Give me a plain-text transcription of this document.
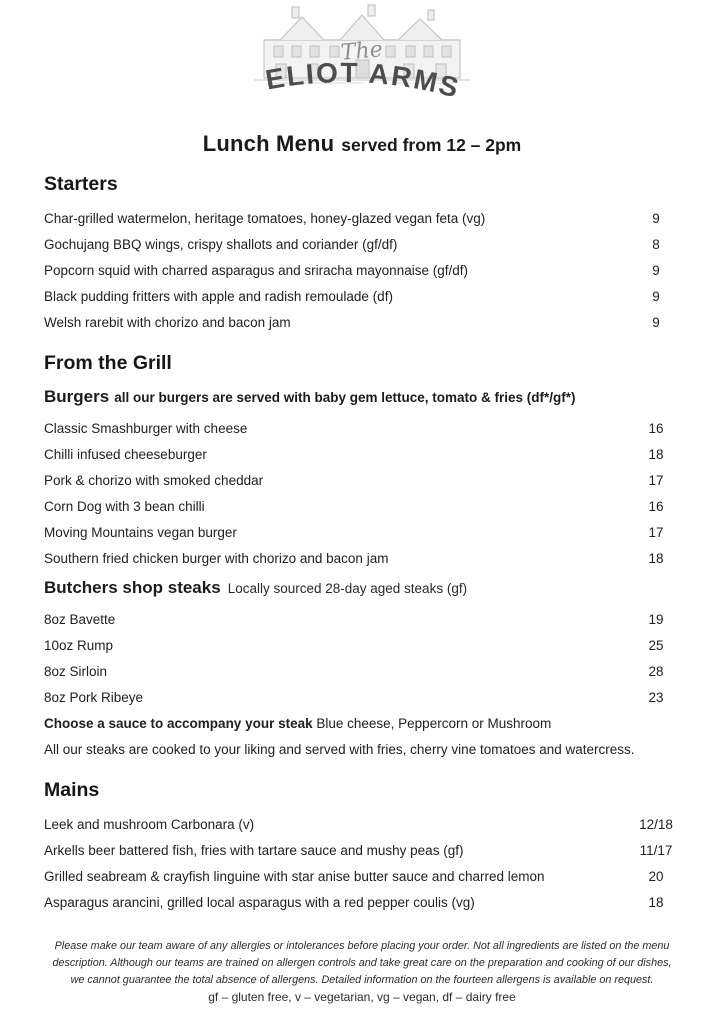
The
ELIOT ARMS
Lunch Menu served from 12 – 2pm
Starters
Char-grilled watermelon, heritage tomatoes, honey-glazed vegan feta (vg)	9
Gochujang BBQ wings, crispy shallots and coriander (gf/df)	8
Popcorn squid with charred asparagus and sriracha mayonnaise (gf/df)	9
Black pudding fritters with apple and radish remoulade (df)	9
Welsh rarebit with chorizo and bacon jam	9
From the Grill
Burgers all our burgers are served with baby gem lettuce, tomato & fries (df*/gf*)
Classic Smashburger with cheese	16
Chilli infused cheeseburger	18
Pork & chorizo with smoked cheddar	17
Corn Dog with 3 bean chilli	16
Moving Mountains vegan burger	17
Southern fried chicken burger with chorizo and bacon jam	18
Butchers shop steaks Locally sourced 28-day aged steaks (gf)
8oz Bavette	19
10oz Rump	25
8oz Sirloin	28
8oz Pork Ribeye	23
Choose a sauce to accompany your steak Blue cheese, Peppercorn or Mushroom
All our steaks are cooked to your liking and served with fries, cherry vine tomatoes and watercress.
Mains
Leek and mushroom Carbonara (v)	12/18
Arkells beer battered fish, fries with tartare sauce and mushy peas (gf)	11/17
Grilled seabream & crayfish linguine with star anise butter sauce and charred lemon	20
Asparagus arancini, grilled local asparagus with a red pepper coulis (vg)	18
Please make our team aware of any allergies or intolerances before placing your order. Not all ingredients are listed on the menu description. Although our teams are trained on allergen controls and take great care on the preparation and cooking of our dishes, we cannot guarantee the total absence of allergens. Detailed information on the fourteen allergens is available on request.
gf – gluten free, v – vegetarian, vg – vegan, df – dairy free
